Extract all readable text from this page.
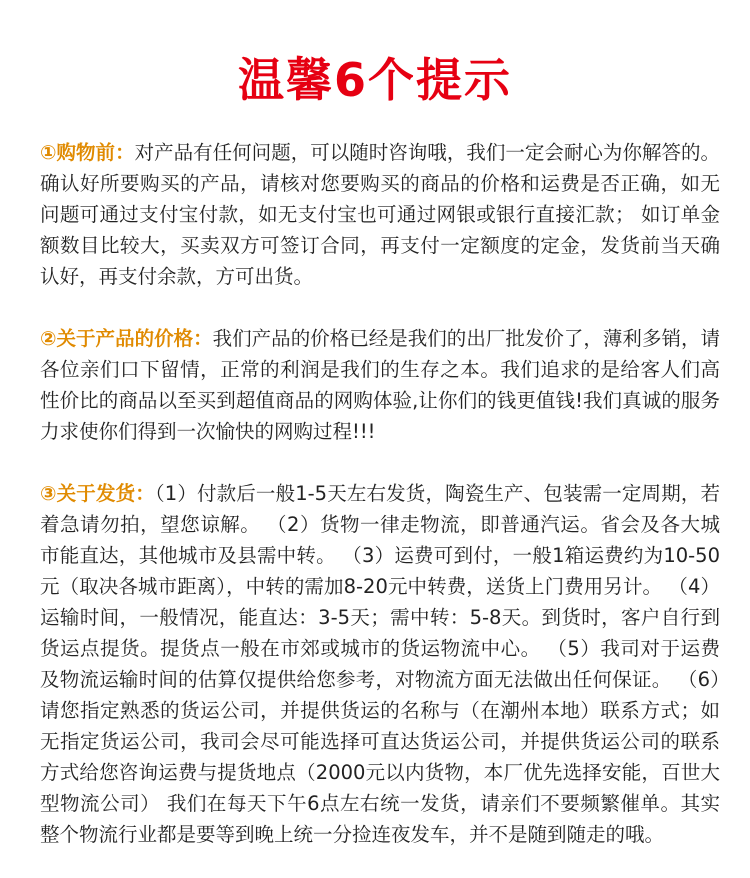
温馨6个提示

①购物前：对产品有任何问题，可以随时咨询哦，我们一定会耐心为你解答的。 确认好所要购买的产品，请核对您要购买的商品的价格和运费是否正确，如无问题可通过支付宝付款，如无支付宝也可通过网银或银行直接汇款； 如订单金额数目比较大，买卖双方可签订合同，再支付一定额度的定金，发货前当天确认好，再支付余款，方可出货。

②关于产品的价格：我们产品的价格已经是我们的出厂批发价了，薄利多销，请各位亲们口下留情，正常的利润是我们的生存之本。我们追求的是给客人们高性价比的商品以至买到超值商品的网购体验,让你们的钱更值钱!我们真诚的服务力求使你们得到一次愉快的网购过程!!!

③关于发货：（1）付款后一般1-5天左右发货，陶瓷生产、包装需一定周期，若着急请勿拍，望您谅解。 （2）货物一律走物流，即普通汽运。省会及各大城市能直达，其他城市及县需中转。 （3）运费可到付，一般1箱运费约为10-50元（取决各城市距离），中转的需加8-20元中转费，送货上门费用另计。 （4）运输时间，一般情况，能直达：3-5天；需中转：5-8天。到货时，客户自行到货运点提货。提货点一般在市郊或城市的货运物流中心。 （5）我司对于运费及物流运输时间的估算仅提供给您参考，对物流方面无法做出任何保证。 （6）请您指定熟悉的货运公司，并提供货运的名称与（在潮州本地）联系方式；如无指定货运公司，我司会尽可能选择可直达货运公司，并提供货运公司的联系方式给您咨询运费与提货地点（2000元以内货物，本厂优先选择安能，百世大型物流公司） 我们在每天下午6点左右统一发货，请亲们不要频繁催单。其实整个物流行业都是要等到晚上统一分捡连夜发车，并不是随到随走的哦。
